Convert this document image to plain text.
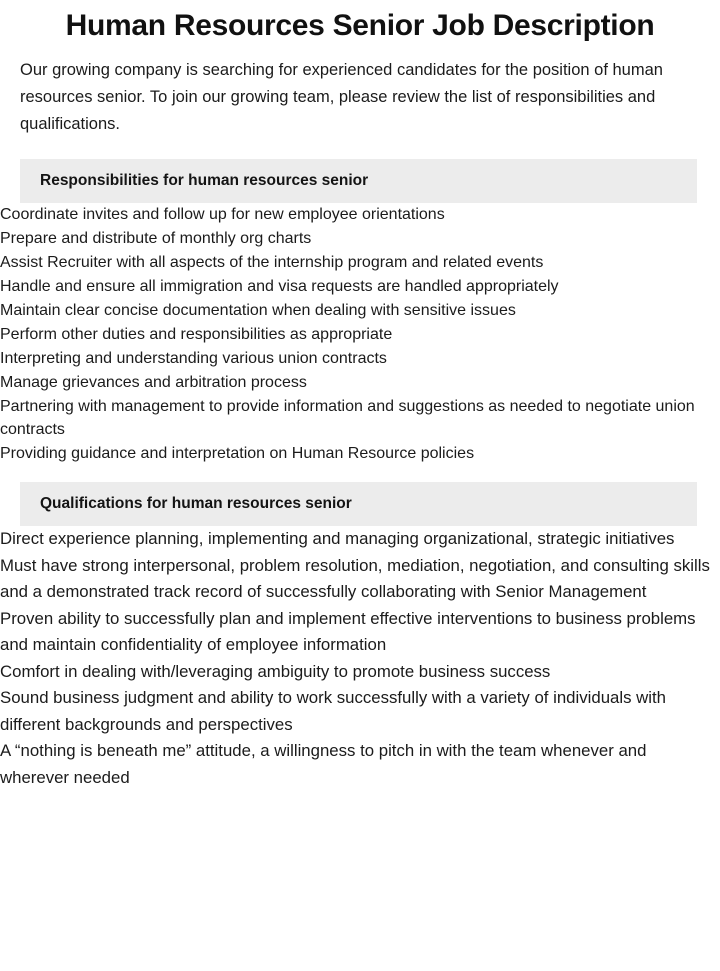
Human Resources Senior Job Description

Our growing company is searching for experienced candidates for the position of human resources senior. To join our growing team, please review the list of responsibilities and qualifications.

Responsibilities for human resources senior
• Coordinate invites and follow up for new employee orientations
• Prepare and distribute of monthly org charts
• Assist Recruiter with all aspects of the internship program and related events
• Handle and ensure all immigration and visa requests are handled appropriately
• Maintain clear concise documentation when dealing with sensitive issues
• Perform other duties and responsibilities as appropriate
• Interpreting and understanding various union contracts
• Manage grievances and arbitration process
• Partnering with management to provide information and suggestions as needed to negotiate union contracts
• Providing guidance and interpretation on Human Resource policies
Qualifications for human resources senior
• Direct experience planning, implementing and managing organizational, strategic initiatives
• Must have strong interpersonal, problem resolution, mediation, negotiation, and consulting skills and a demonstrated track record of successfully collaborating with Senior Management
• Proven ability to successfully plan and implement effective interventions to business problems and maintain confidentiality of employee information
• Comfort in dealing with/leveraging ambiguity to promote business success
• Sound business judgment and ability to work successfully with a variety of individuals with different backgrounds and perspectives
• A “nothing is beneath me” attitude, a willingness to pitch in with the team whenever and wherever needed
